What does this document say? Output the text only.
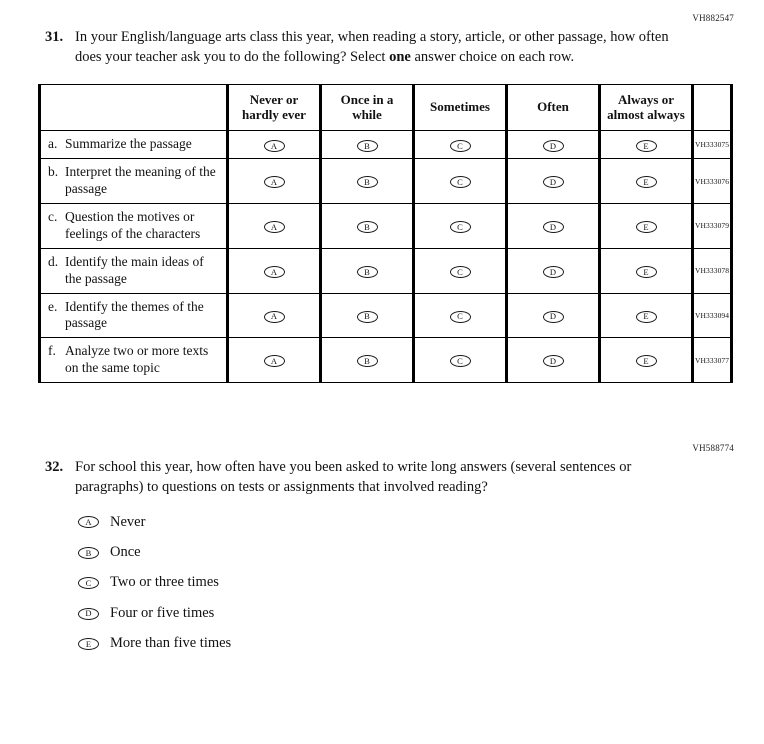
VH882547
31. In your English/language arts class this year, when reading a story, article, or other passage, how often does your teacher ask you to do the following? Select one answer choice on each row.
	Never or hardly ever	Once in a while	Sometimes	Often	Always or almost always	
a. Summarize the passage	A	B	C	D	E	VH333075
b. Interpret the meaning of the passage	A	B	C	D	E	VH333076
c. Question the motives or feelings of the characters	A	B	C	D	E	VH333079
d. Identify the main ideas of the passage	A	B	C	D	E	VH333078
e. Identify the themes of the passage	A	B	C	D	E	VH333094
f. Analyze two or more texts on the same topic	A	B	C	D	E	VH333077
VH588774
32. For school this year, how often have you been asked to write long answers (several sentences or paragraphs) to questions on tests or assignments that involved reading?
A	Never
B	Once
C	Two or three times
D	Four or five times
E	More than five times
